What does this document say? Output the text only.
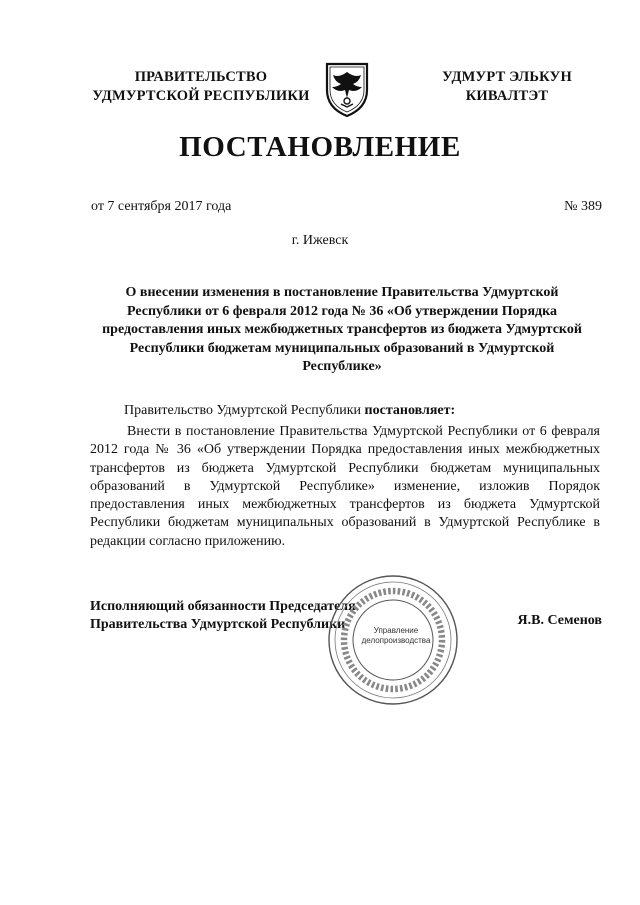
ПРАВИТЕЛЬСТВО
УДМУРТСКОЙ РЕСПУБЛИКИ
УДМУРТ ЭЛЬКУН
КИВАЛТЭТ
ПОСТАНОВЛЕНИЕ
от 7 сентября 2017 года	№ 389
г. Ижевск
О внесении изменения в постановление Правительства Удмуртской Республики от 6 февраля 2012 года № 36 «Об утверждении Порядка предоставления иных межбюджетных трансфертов из бюджета Удмуртской Республики бюджетам муниципальных образований в Удмуртской Республике»
Правительство Удмуртской Республики постановляет:
Внести в постановление Правительства Удмуртской Республики от 6 февраля 2012 года № 36 «Об утверждении Порядка предоставления иных межбюджетных трансфертов из бюджета Удмуртской Республики бюджетам муниципальных образований в Удмуртской Республике» изменение, изложив Порядок предоставления иных межбюджетных трансфертов из бюджета Удмуртской Республики бюджетам муниципальных образований в Удмуртской Республике в редакции согласно приложению.
Исполняющий обязанности Председателя
Правительства Удмуртской Республики	Управление
делопроизводства
Я.В. Семенов
